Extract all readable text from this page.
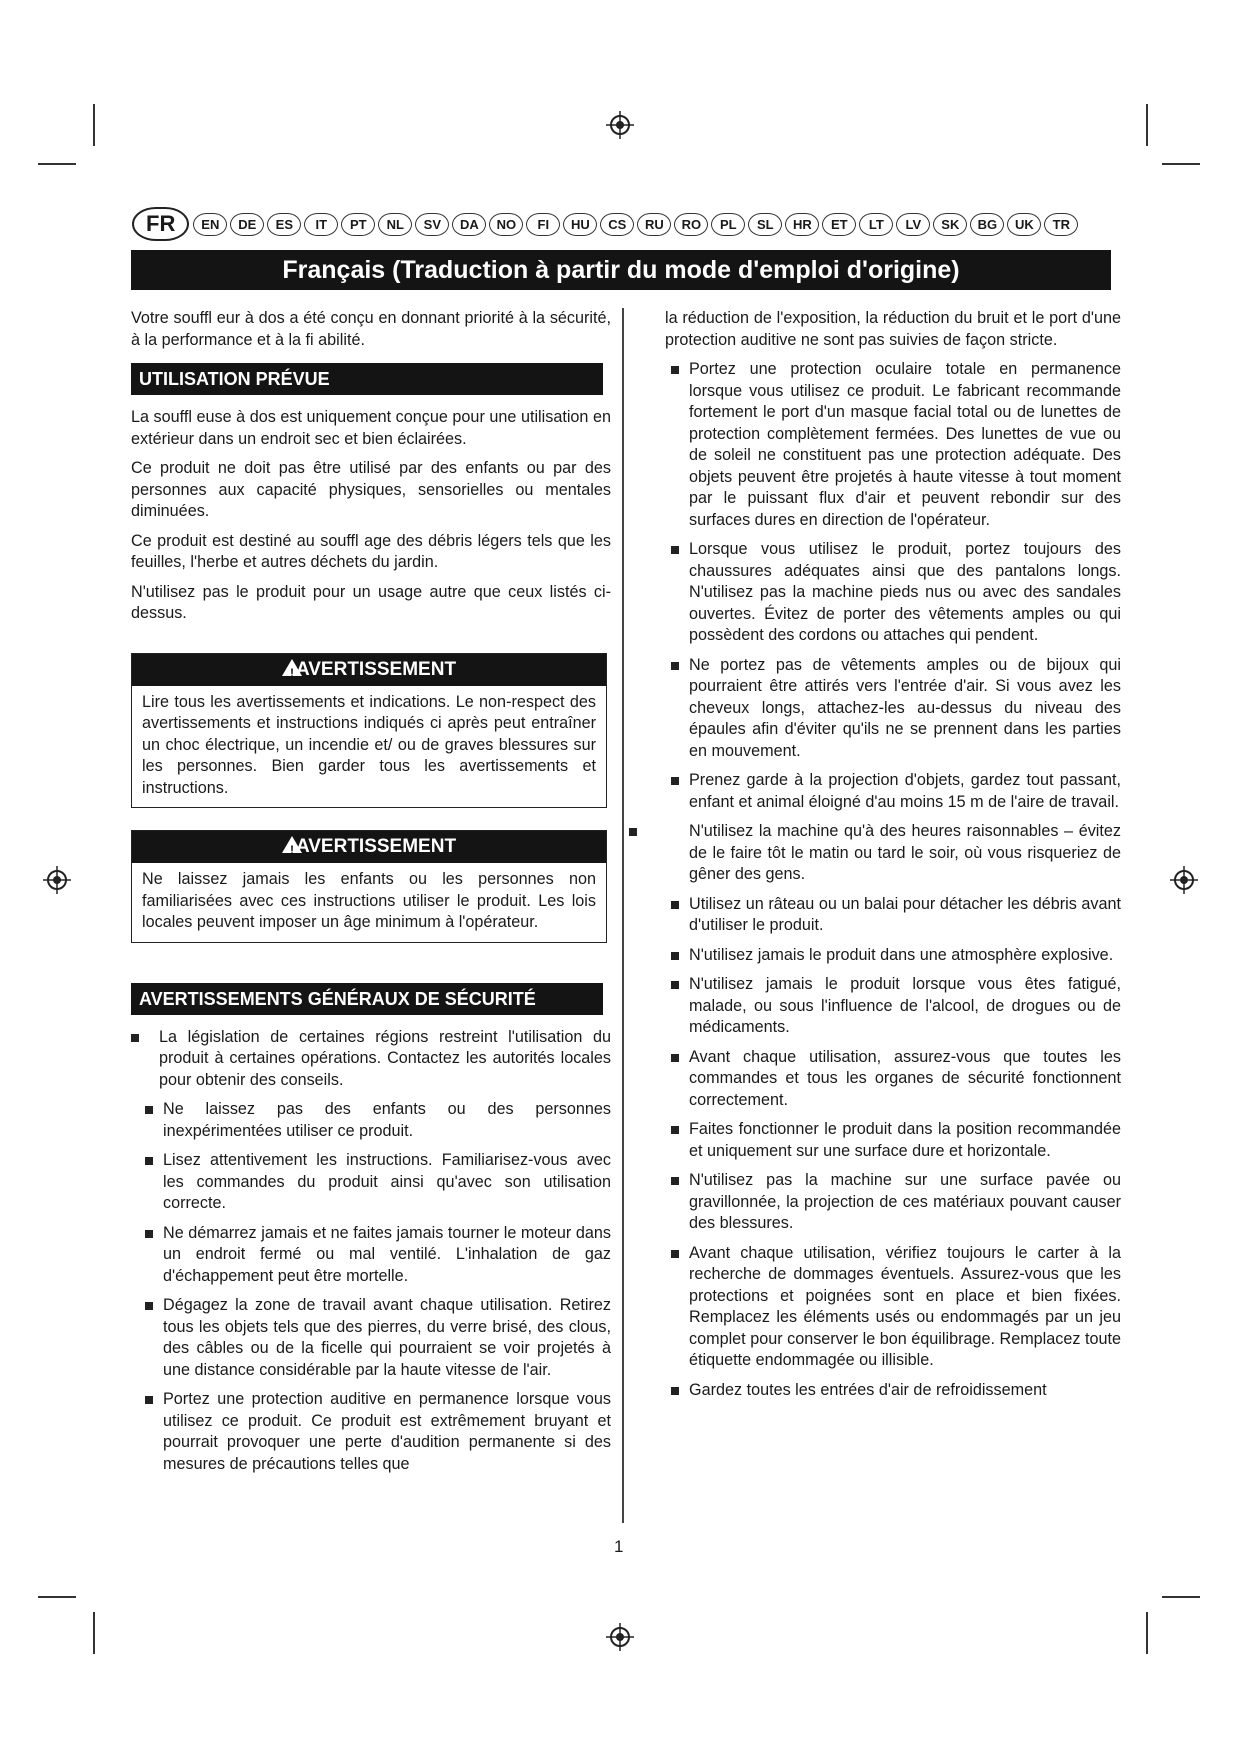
FR	EN	DE	ES	IT	PT	NL	SV	DA	NO	FI	HU	CS	RU	RO	PL	SL	HR	ET	LT	LV	SK	BG	UK	TR
Français (Traduction à partir du mode d'emploi d'origine)

Votre souffl eur à dos a été conçu en donnant priorité à la sécurité, à la performance et à la fi abilité.

UTILISATION PRÉVUE

La souffl euse à dos est uniquement conçue pour une utilisation en extérieur dans un endroit sec et bien éclairées.

Ce produit ne doit pas être utilisé par des enfants ou par des personnes aux capacité physiques, sensorielles ou mentales diminuées.

Ce produit est destiné au souffl age des débris légers tels que les feuilles, l'herbe et autres déchets du jardin.

N'utilisez pas le produit pour un usage autre que ceux listés ci-dessus.

!AVERTISSEMENT

Lire tous les avertissements et indications. Le non-respect des avertissements et instructions indiqués ci après peut entraîner un choc électrique, un incendie et/ ou de graves blessures sur les personnes. Bien garder tous les avertissements et instructions.

!AVERTISSEMENT

Ne laissez jamais les enfants ou les personnes non familiarisées avec ces instructions utiliser le produit. Les lois locales peuvent imposer un âge minimum à l'opérateur.

AVERTISSEMENTS GÉNÉRAUX DE SÉCURITÉ
La législation de certaines régions restreint l'utilisation du produit à certaines opérations. Contactez les autorités locales pour obtenir des conseils.
Ne laissez pas des enfants ou des personnes inexpérimentées utiliser ce produit.
Lisez attentivement les instructions. Familiarisez-vous avec les commandes du produit ainsi qu'avec son utilisation correcte.
Ne démarrez jamais et ne faites jamais tourner le moteur dans un endroit fermé ou mal ventilé. L'inhalation de gaz d'échappement peut être mortelle.
Dégagez la zone de travail avant chaque utilisation. Retirez tous les objets tels que des pierres, du verre brisé, des clous, des câbles ou de la ficelle qui pourraient se voir projetés à une distance considérable par la haute vitesse de l'air.
Portez une protection auditive en permanence lorsque vous utilisez ce produit. Ce produit est extrêmement bruyant et pourrait provoquer une perte d'audition permanente si des mesures de précautions telles que

la réduction de l'exposition, la réduction du bruit et le port d'une protection auditive ne sont pas suivies de façon stricte.

Portez une protection oculaire totale en permanence lorsque vous utilisez ce produit. Le fabricant recommande fortement le port d'un masque facial total ou de lunettes de protection complètement fermées. Des lunettes de vue ou de soleil ne constituent pas une protection adéquate. Des objets peuvent être projetés à haute vitesse à tout moment par le puissant flux d'air et peuvent rebondir sur des surfaces dures en direction de l'opérateur.
Lorsque vous utilisez le produit, portez toujours des chaussures adéquates ainsi que des pantalons longs. N'utilisez pas la machine pieds nus ou avec des sandales ouvertes. Évitez de porter des vêtements amples ou qui possèdent des cordons ou attaches qui pendent.
Ne portez pas de vêtements amples ou de bijoux qui pourraient être attirés vers l'entrée d'air. Si vous avez les cheveux longs, attachez-les au-dessus du niveau des épaules afin d'éviter qu'ils ne se prennent dans les parties en mouvement.
Prenez garde à la projection d'objets, gardez tout passant, enfant et animal éloigné d'au moins 15 m de l'aire de travail.
N'utilisez la machine qu'à des heures raisonnables – évitez de le faire tôt le matin ou tard le soir, où vous risqueriez de gêner des gens.
Utilisez un râteau ou un balai pour détacher les débris avant d'utiliser le produit.
N'utilisez jamais le produit dans une atmosphère explosive.
N'utilisez jamais le produit lorsque vous êtes fatigué, malade, ou sous l'influence de l'alcool, de drogues ou de médicaments.
Avant chaque utilisation, assurez-vous que toutes les commandes et tous les organes de sécurité fonctionnent correctement.
Faites fonctionner le produit dans la position recommandée et uniquement sur une surface dure et horizontale.
N'utilisez pas la machine sur une surface pavée ou gravillonnée, la projection de ces matériaux pouvant causer des blessures.
Avant chaque utilisation, vérifiez toujours le carter à la recherche de dommages éventuels. Assurez-vous que les protections et poignées sont en place et bien fixées. Remplacez les éléments usés ou endommagés par un jeu complet pour conserver le bon équilibrage. Remplacez toute étiquette endommagée ou illisible.
Gardez toutes les entrées d'air de refroidissement
1
